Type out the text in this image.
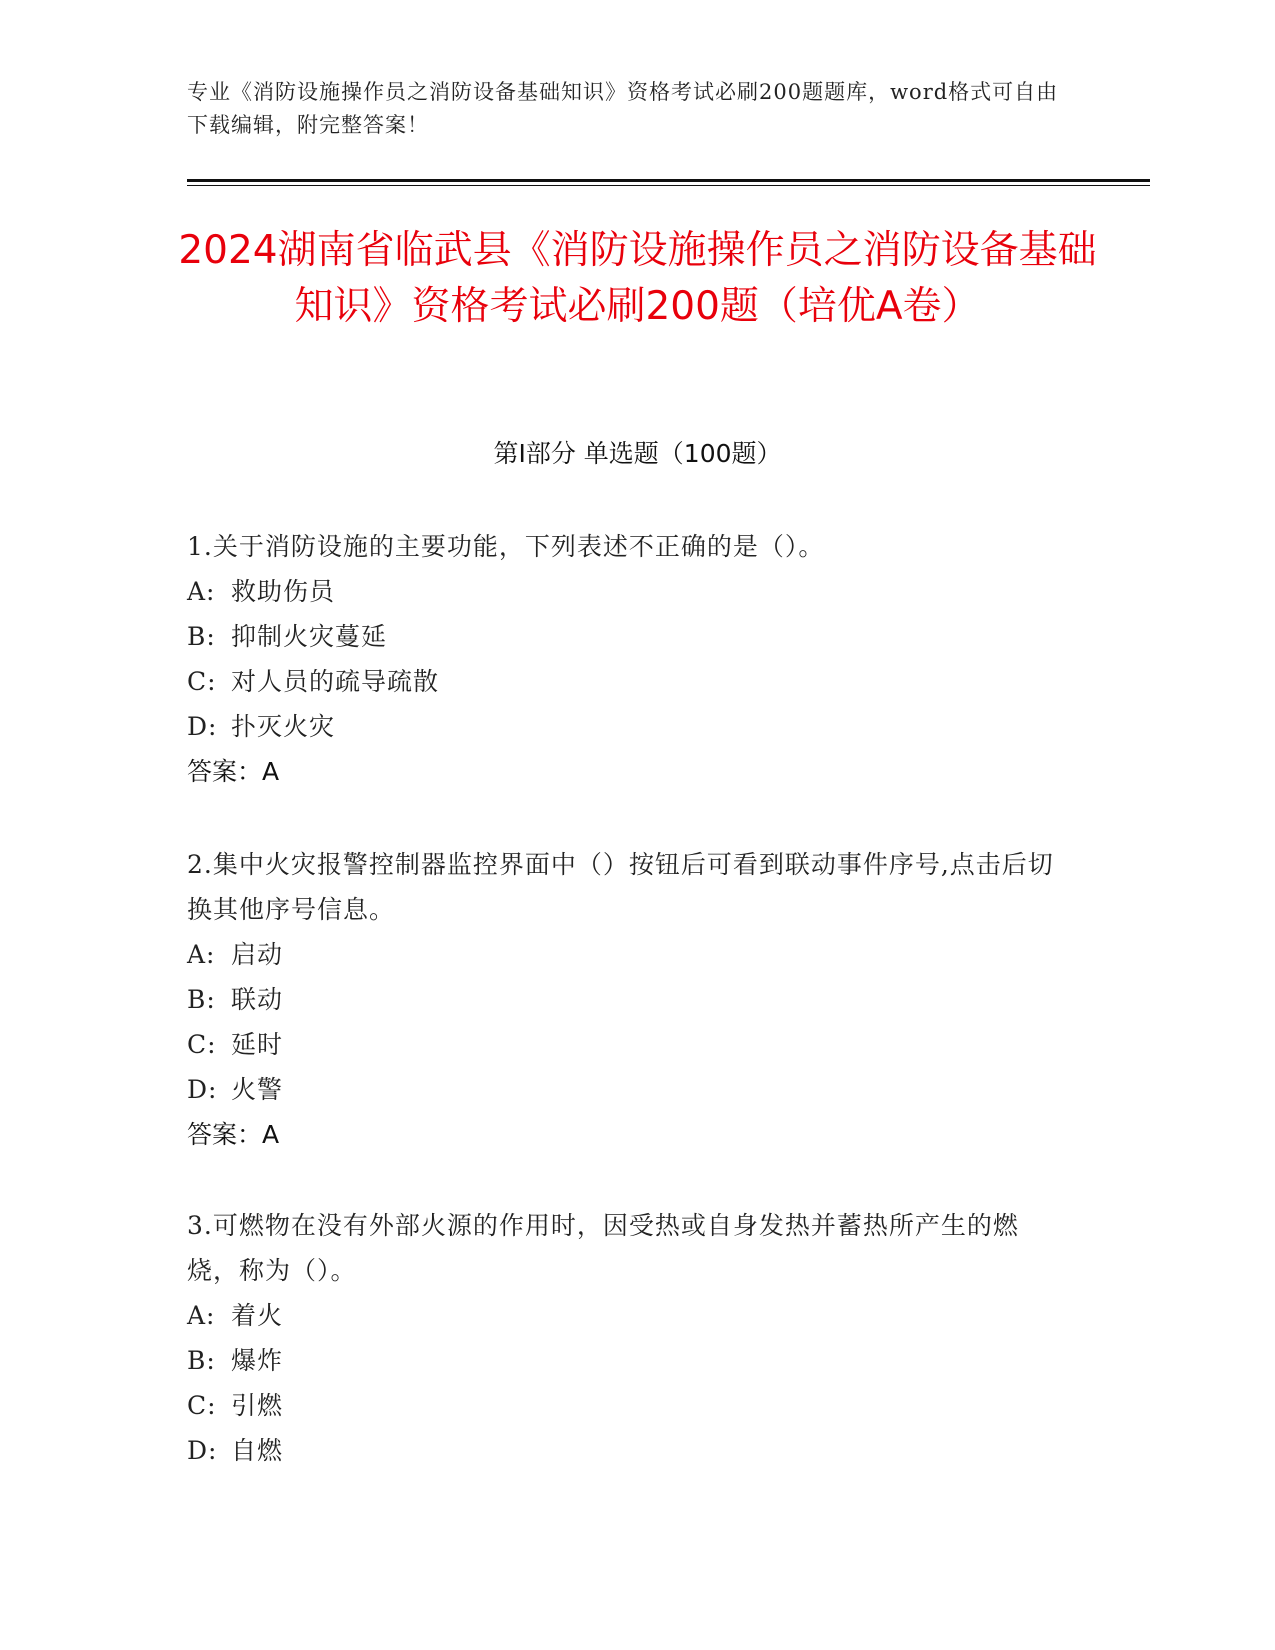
专业《消防设施操作员之消防设备基础知识》资格考试必刷200题题库，word格式可自由下载编辑，附完整答案！
2024湖南省临武县《消防设施操作员之消防设备基础知识》资格考试必刷200题（培优A卷）
第I部分 单选题（100题）

1.关于消防设施的主要功能，下列表述不正确的是（）。

A: 救助伤员

B: 抑制火灾蔓延

C: 对人员的疏导疏散

D: 扑灭火灾

答案：A

2.集中火灾报警控制器监控界面中（）按钮后可看到联动事件序号,点击后切换其他序号信息。

A: 启动

B: 联动

C: 延时

D: 火警

答案：A

3.可燃物在没有外部火源的作用时，因受热或自身发热并蓄热所产生的燃烧，称为（）。

A: 着火

B: 爆炸

C: 引燃

D: 自燃
